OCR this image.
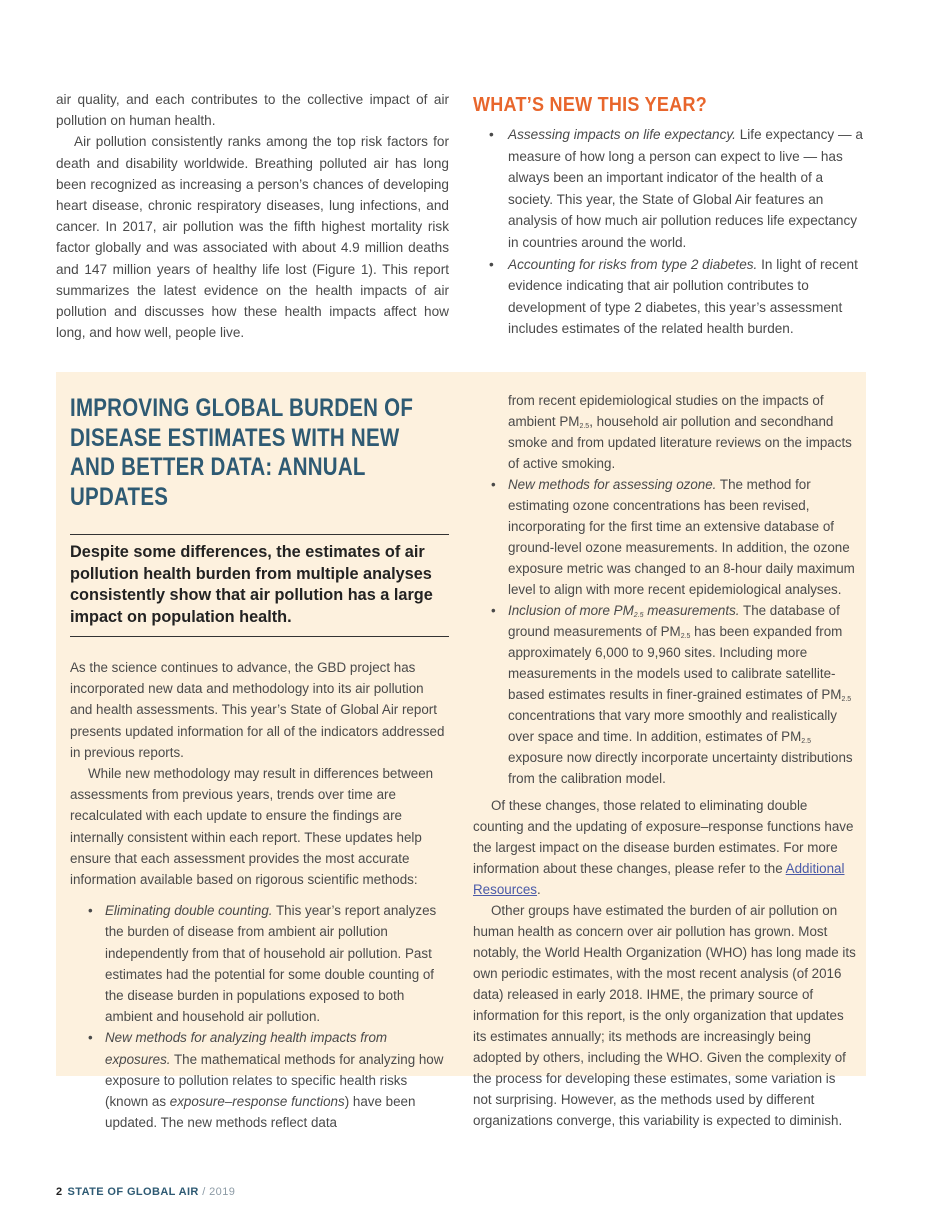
air quality, and each contributes to the collective impact of air pollution on human health.

Air pollution consistently ranks among the top risk factors for death and disability worldwide. Breathing polluted air has long been recognized as increasing a person’s chances of developing heart disease, chronic respiratory diseases, lung infections, and cancer. In 2017, air pollution was the fifth highest mortality risk factor globally and was associated with about 4.9 million deaths and 147 million years of healthy life lost (Figure 1). This report summarizes the latest evidence on the health impacts of air pollution and discusses how these health impacts affect how long, and how well, people live.

WHAT’S NEW THIS YEAR?
• Assessing impacts on life expectancy. Life expectancy — a measure of how long a person can expect to live — has always been an important indicator of the health of a society. This year, the State of Global Air features an analysis of how much air pollution reduces life expectancy in countries around the world.
• Accounting for risks from type 2 diabetes. In light of recent evidence indicating that air pollution contributes to development of type 2 diabetes, this year’s assessment includes estimates of the related health burden.
IMPROVING GLOBAL BURDEN OF DISEASE ESTIMATES WITH NEW AND BETTER DATA: ANNUAL UPDATES
Despite some differences, the estimates of air pollution health burden from multiple analyses consistently show that air pollution has a large impact on population health.

As the science continues to advance, the GBD project has incorporated new data and methodology into its air pollution and health assessments. This year’s State of Global Air report presents updated information for all of the indicators addressed in previous reports.

While new methodology may result in differences between assessments from previous years, trends over time are recalculated with each update to ensure the findings are internally consistent within each report. These updates help ensure that each assessment provides the most accurate information available based on rigorous scientific methods:

• Eliminating double counting. This year’s report analyzes the burden of disease from ambient air pollution independently from that of household air pollution. Past estimates had the potential for some double counting of the disease burden in populations exposed to both ambient and household air pollution.
• New methods for analyzing health impacts from exposures. The mathematical methods for analyzing how exposure to pollution relates to specific health risks (known as exposure–response functions) have been updated. The new methods reflect data

from recent epidemiological studies on the impacts of ambient $PM_{2.5}$, household air pollution and secondhand smoke and from updated literature reviews on the impacts of active smoking.

• New methods for assessing ozone. The method for estimating ozone concentrations has been revised, incorporating for the first time an extensive database of ground-level ozone measurements. In addition, the ozone exposure metric was changed to an 8-hour daily maximum level to align with more recent epidemiological analyses.
• Inclusion of more $PM_{2.5}$ measurements. The database of ground measurements of $PM_{2.5}$ has been expanded from approximately 6,000 to 9,960 sites. Including more measurements in the models used to calibrate satellite-based estimates results in finer-grained estimates of $PM_{2.5}$ concentrations that vary more smoothly and realistically over space and time. In addition, estimates of $PM_{2.5}$ exposure now directly incorporate uncertainty distributions from the calibration model.

Of these changes, those related to eliminating double counting and the updating of exposure–response functions have the largest impact on the disease burden estimates. For more information about these changes, please refer to the Additional Resources.

Other groups have estimated the burden of air pollution on human health as concern over air pollution has grown. Most notably, the World Health Organization (WHO) has long made its own periodic estimates, with the most recent analysis (of 2016 data) released in early 2018. IHME, the primary source of information for this report, is the only organization that updates its estimates annually; its methods are increasingly being adopted by others, including the WHO. Given the complexity of the process for developing these estimates, some variation is not surprising. However, as the methods used by different organizations converge, this variability is expected to diminish.

2 STATE OF GLOBAL AIR / 2019
